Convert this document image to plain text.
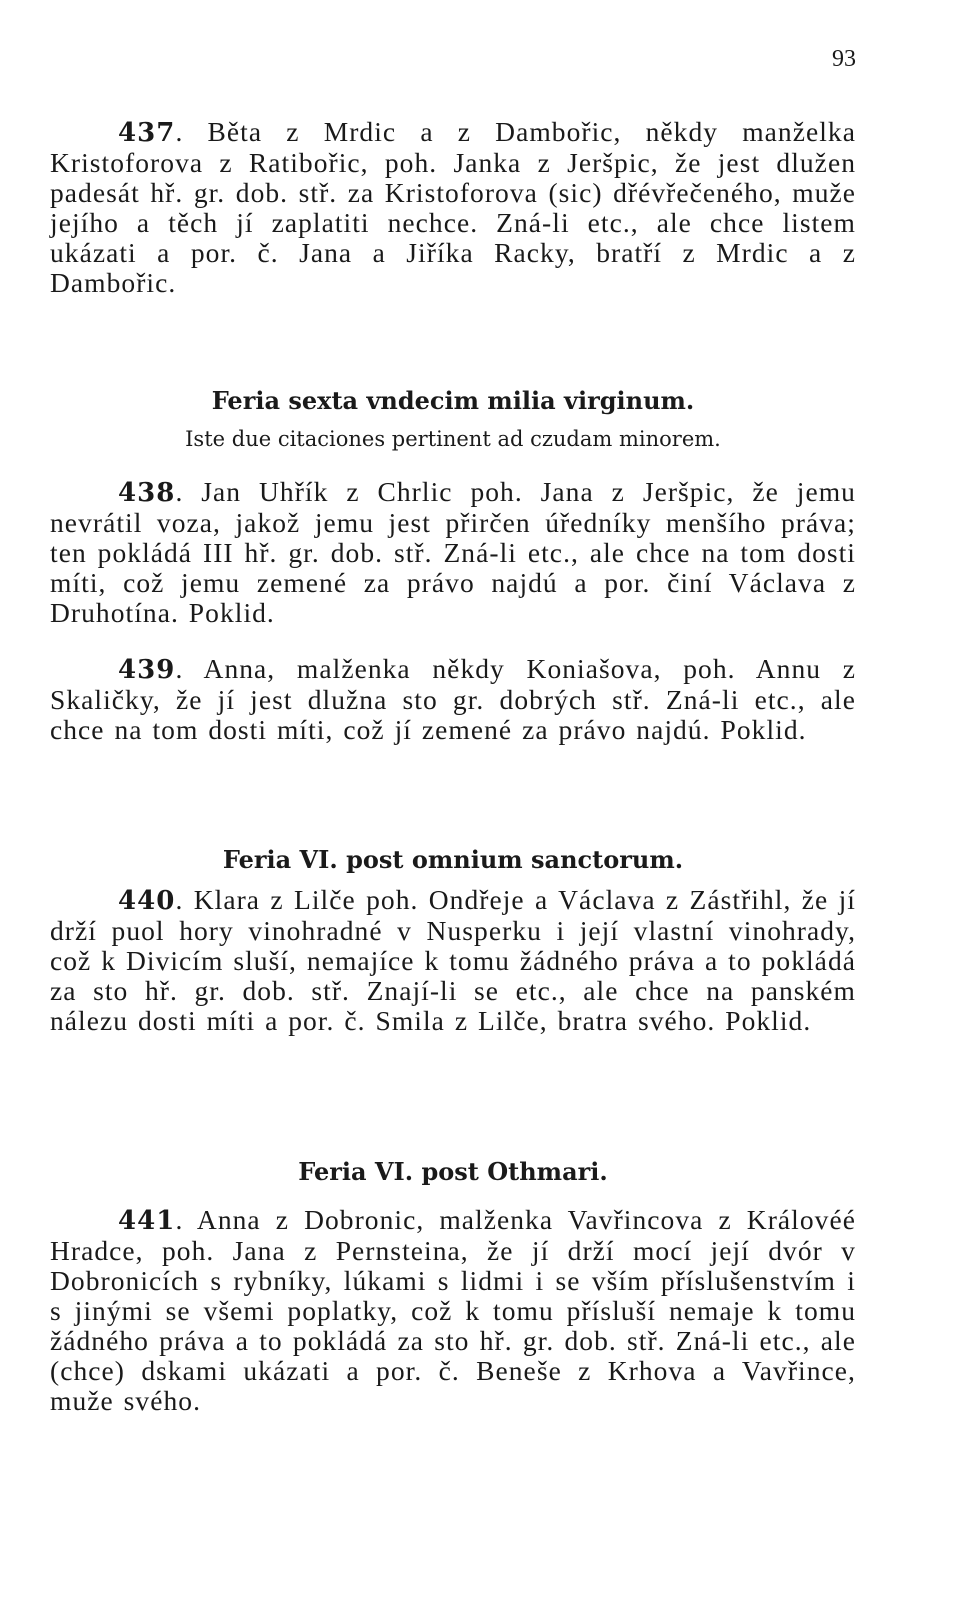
93
437. Běta z Mrdic a z Dambořic, někdy manželka Kristoforova z Ratibořic, poh. Janka z Jeršpic, že jest dlužen padesát hř. gr. dob. stř. za Kristoforova (sic) dřévřečeného, muže jejího a těch jí zaplatiti nechce. Zná-li etc., ale chce listem ukázati a por. č. Jana a Jiříka Racky, bratří z Mrdic a z Dambořic.
Feria sexta vndecim milia virginum.
Iste due citaciones pertinent ad czudam minorem.
438. Jan Uhřík z Chrlic poh. Jana z Jeršpic, že jemu nevrátil voza, jakož jemu jest přirčen úředníky menšího práva; ten pokládá III hř. gr. dob. stř. Zná-li etc., ale chce na tom dosti míti, což jemu zemené za právo najdú a por. činí Václava z Druhotína. Poklid.
439. Anna, malženka někdy Koniašova, poh. Annu z Skaličky, že jí jest dlužna sto gr. dobrých stř. Zná-li etc., ale chce na tom dosti míti, což jí zemené za právo najdú. Poklid.
Feria VI. post omnium sanctorum.
440. Klara z Lilče poh. Ondřeje a Václava z Zástřihl, že jí drží puol hory vinohradné v Nusperku i její vlastní vinohrady, což k Divicím sluší, nemajíce k tomu žádného práva a to pokládá za sto hř. gr. dob. stř. Znají-li se etc., ale chce na panském nálezu dosti míti a por. č. Smila z Lilče, bratra svého. Poklid.
Feria VI. post Othmari.
441. Anna z Dobronic, malženka Vavřincova z Královéé Hradce, poh. Jana z Pernsteina, že jí drží mocí její dvór v Dobronicích s rybníky, lúkami s lidmi i se vším příslušenstvím i s jinými se všemi poplatky, což k tomu přísluší nemaje k tomu žádného práva a to pokládá za sto hř. gr. dob. stř. Zná-li etc., ale (chce) dskami ukázati a por. č. Beneše z Krhova a Vavřince, muže svého.
